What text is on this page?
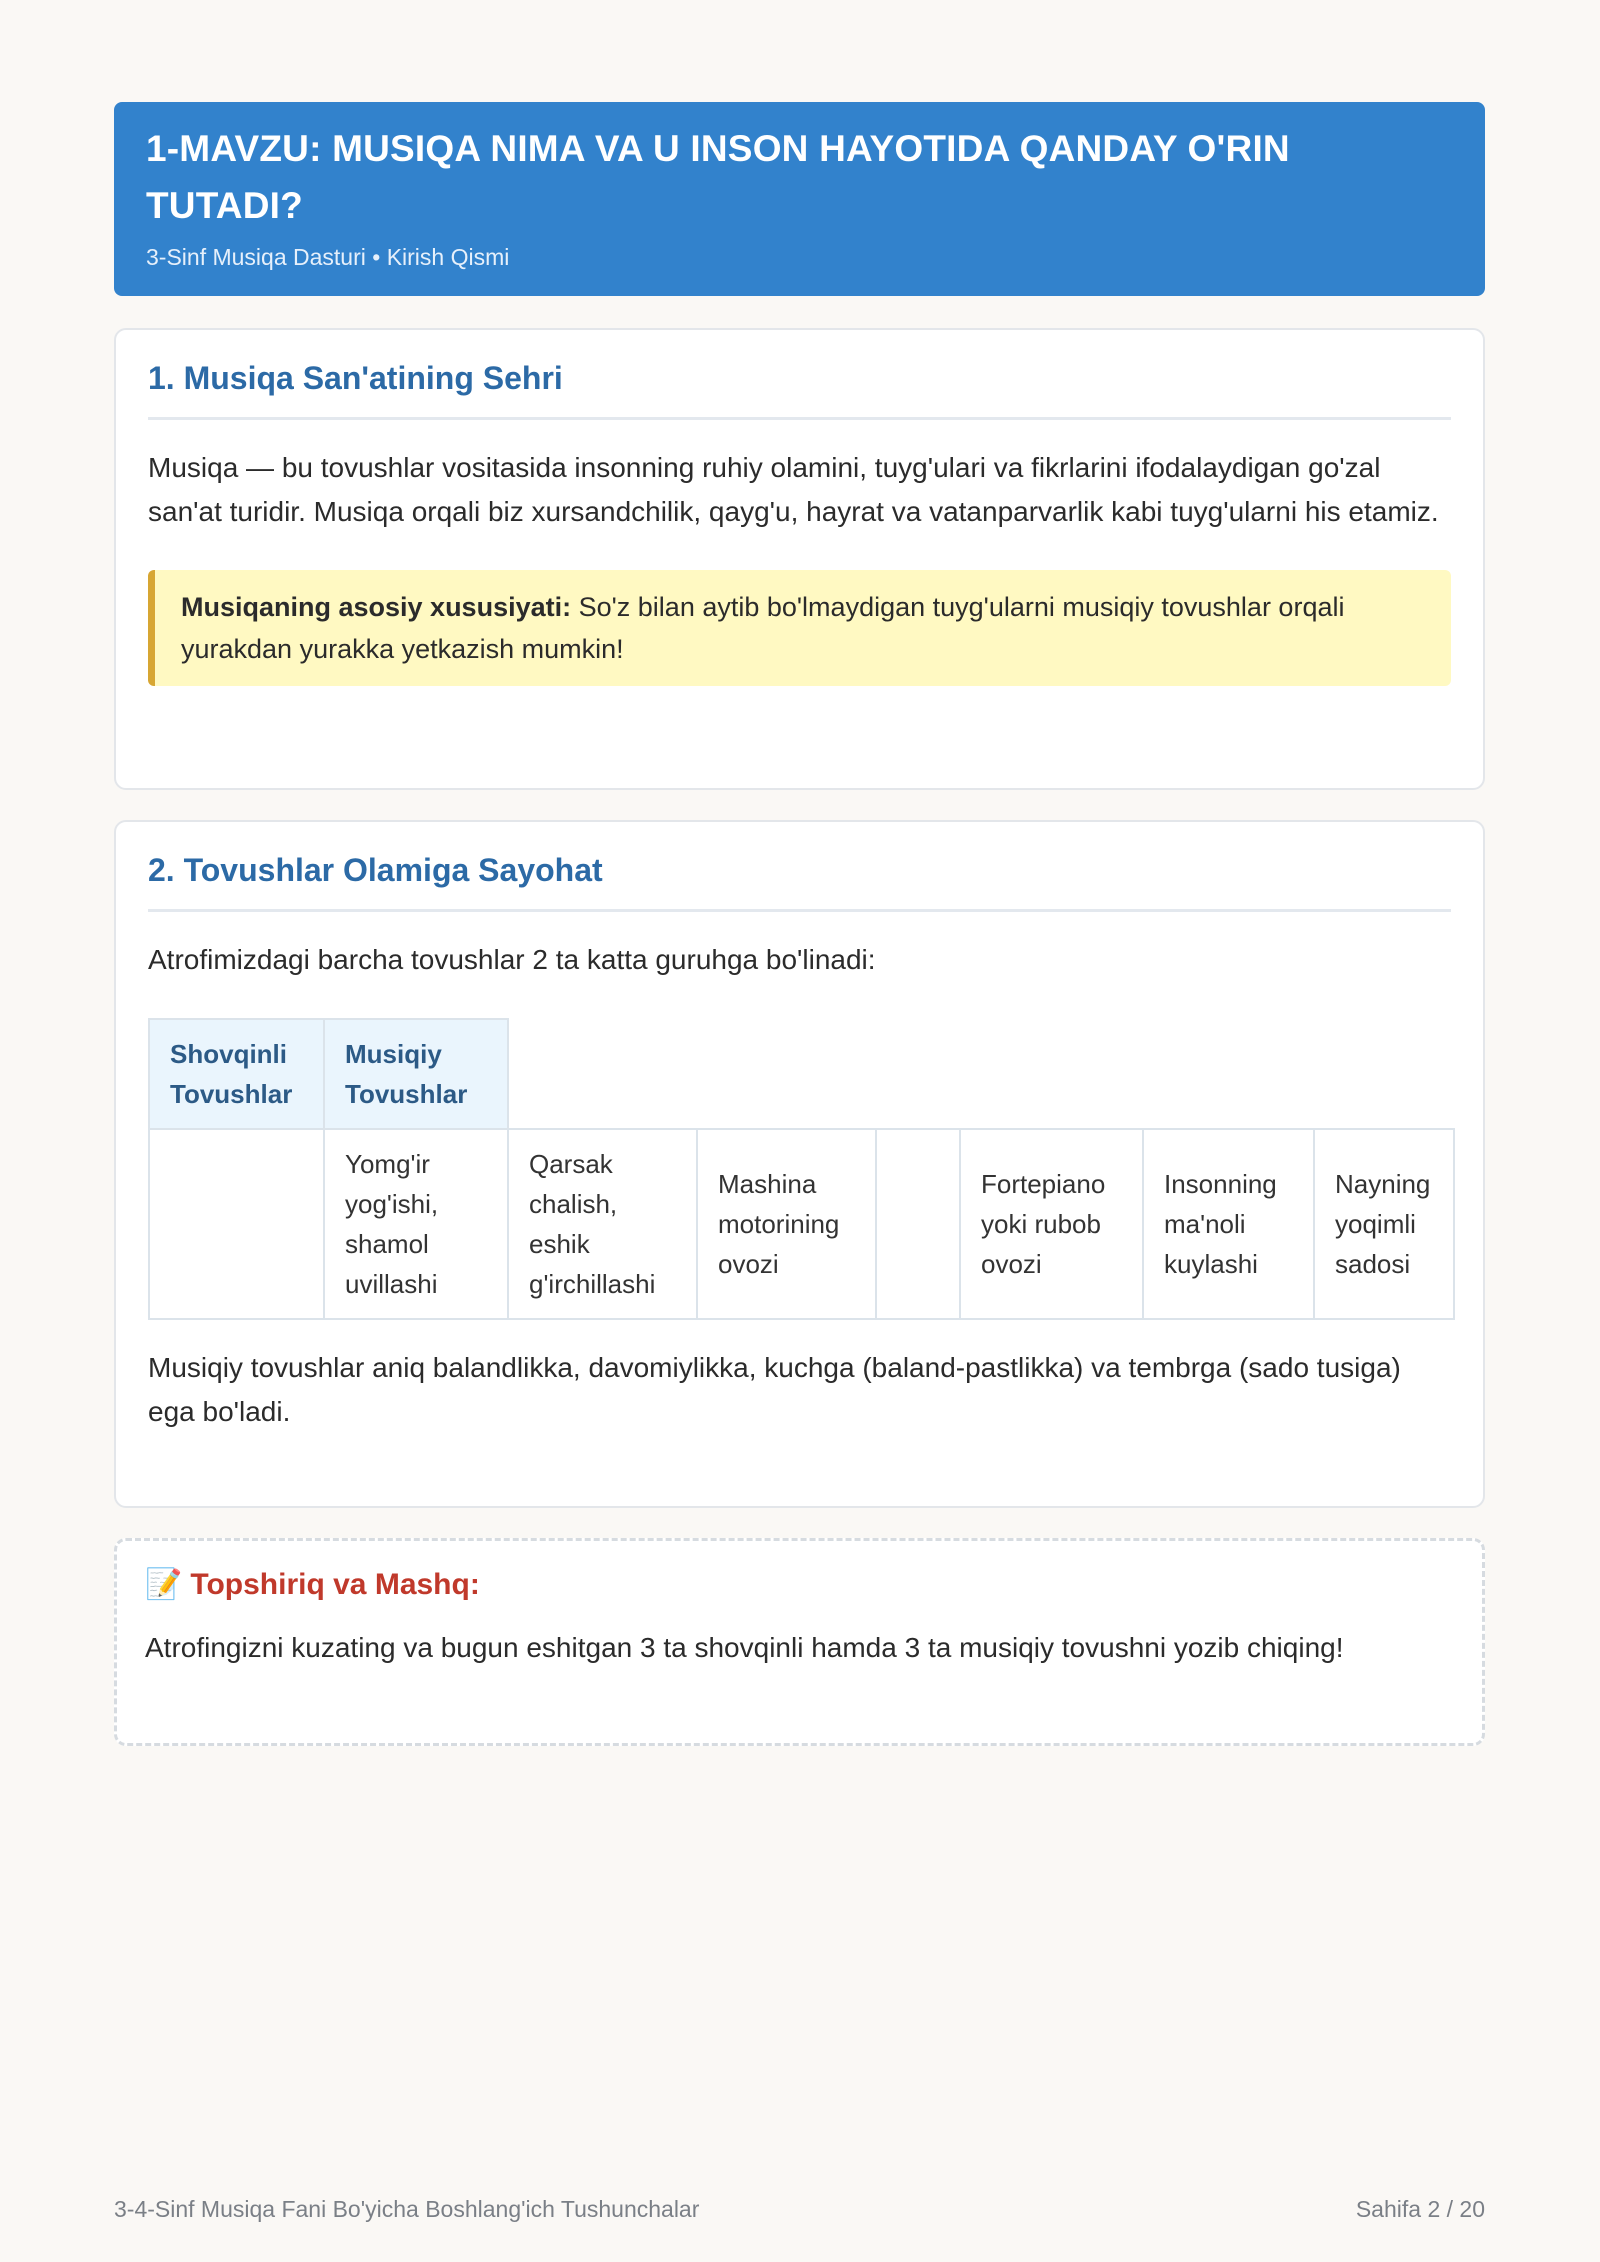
1-MAVZU: MUSIQA NIMA VA U INSON HAYOTIDA QANDAY O'RIN TUTADI?
3-Sinf Musiqa Dasturi • Kirish Qismi
1. Musiqa San'atining Sehri

Musiqa — bu tovushlar vositasida insonning ruhiy olamini, tuyg'ulari va fikrlarini ifodalaydigan go'zal san'at turidir. Musiqa orqali biz xursandchilik, qayg'u, hayrat va vatanparvarlik kabi tuyg'ularni his etamiz.

Musiqaning asosiy xususiyati: So'z bilan aytib bo'lmaydigan tuyg'ularni musiqiy tovushlar orqali yurakdan yurakka yetkazish mumkin!
2. Tovushlar Olamiga Sayohat

Atrofimizdagi barcha tovushlar 2 ta katta guruhga bo'linadi:

Shovqinli Tovushlar	Musiqiy Tovushlar						
	Yomg'ir yog'ishi, shamol uvillashi	Qarsak chalish, eshik g'irchillashi	Mashina motorining ovozi		Fortepiano yoki rubob ovozi	Insonning ma'noli kuylashi	Nayning yoqimli sadosi

Musiqiy tovushlar aniq balandlikka, davomiylikka, kuchga (baland-pastlikka) va tembrga (sado tusiga) ega bo'ladi.

📝 Topshiriq va Mashq:

Atrofingizni kuzating va bugun eshitgan 3 ta shovqinli hamda 3 ta musiqiy tovushni yozib chiqing!

3-4-Sinf Musiqa Fani Bo'yicha Boshlang'ich Tushunchalar	Sahifa 2 / 20
